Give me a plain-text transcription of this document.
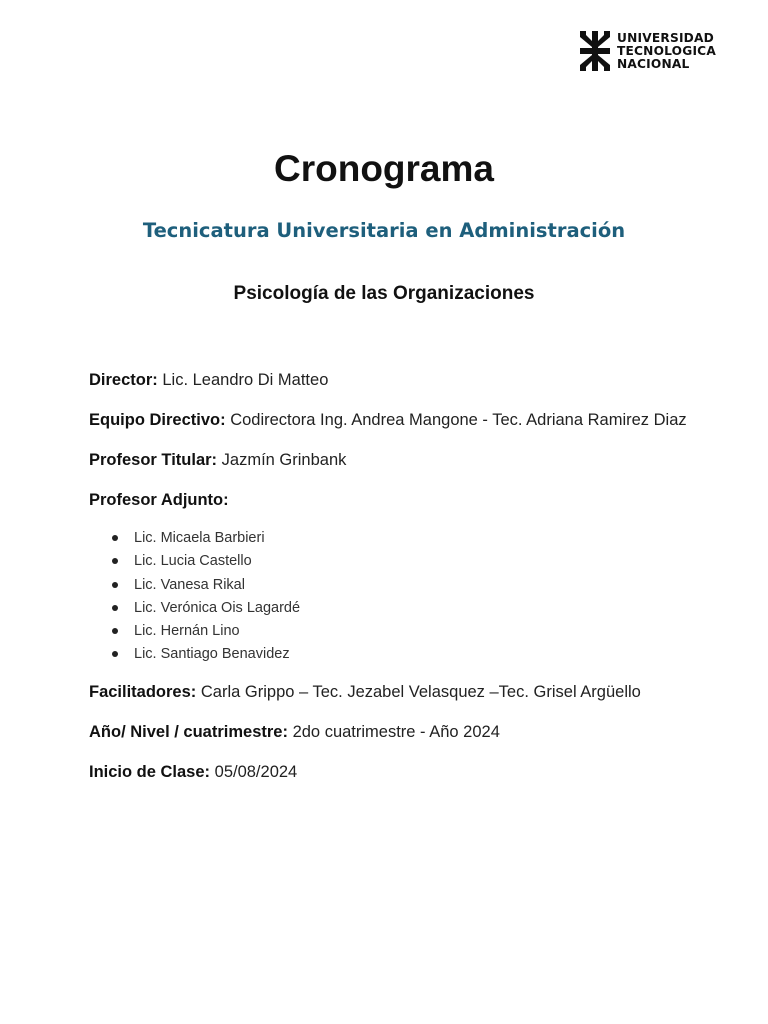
UNIVERSIDAD
TECNOLOGICA
NACIONAL
Cronograma
Tecnicatura Universitaria en Administración
Psicología de las Organizaciones

Director: Lic. Leandro Di Matteo

Equipo Directivo: Codirectora Ing. Andrea Mangone - Tec. Adriana Ramirez Diaz

Profesor Titular: Jazmín Grinbank

Profesor Adjunto:

Lic. Micaela Barbieri
Lic. Lucia Castello
Lic. Vanesa Rikal
Lic. Verónica Ois Lagardé
Lic. Hernán Lino
Lic. Santiago Benavidez

Facilitadores: Carla Grippo – Tec. Jezabel Velasquez –Tec. Grisel Argüello

Año/ Nivel / cuatrimestre: 2do cuatrimestre - Año 2024

Inicio de Clase: 05/08/2024
